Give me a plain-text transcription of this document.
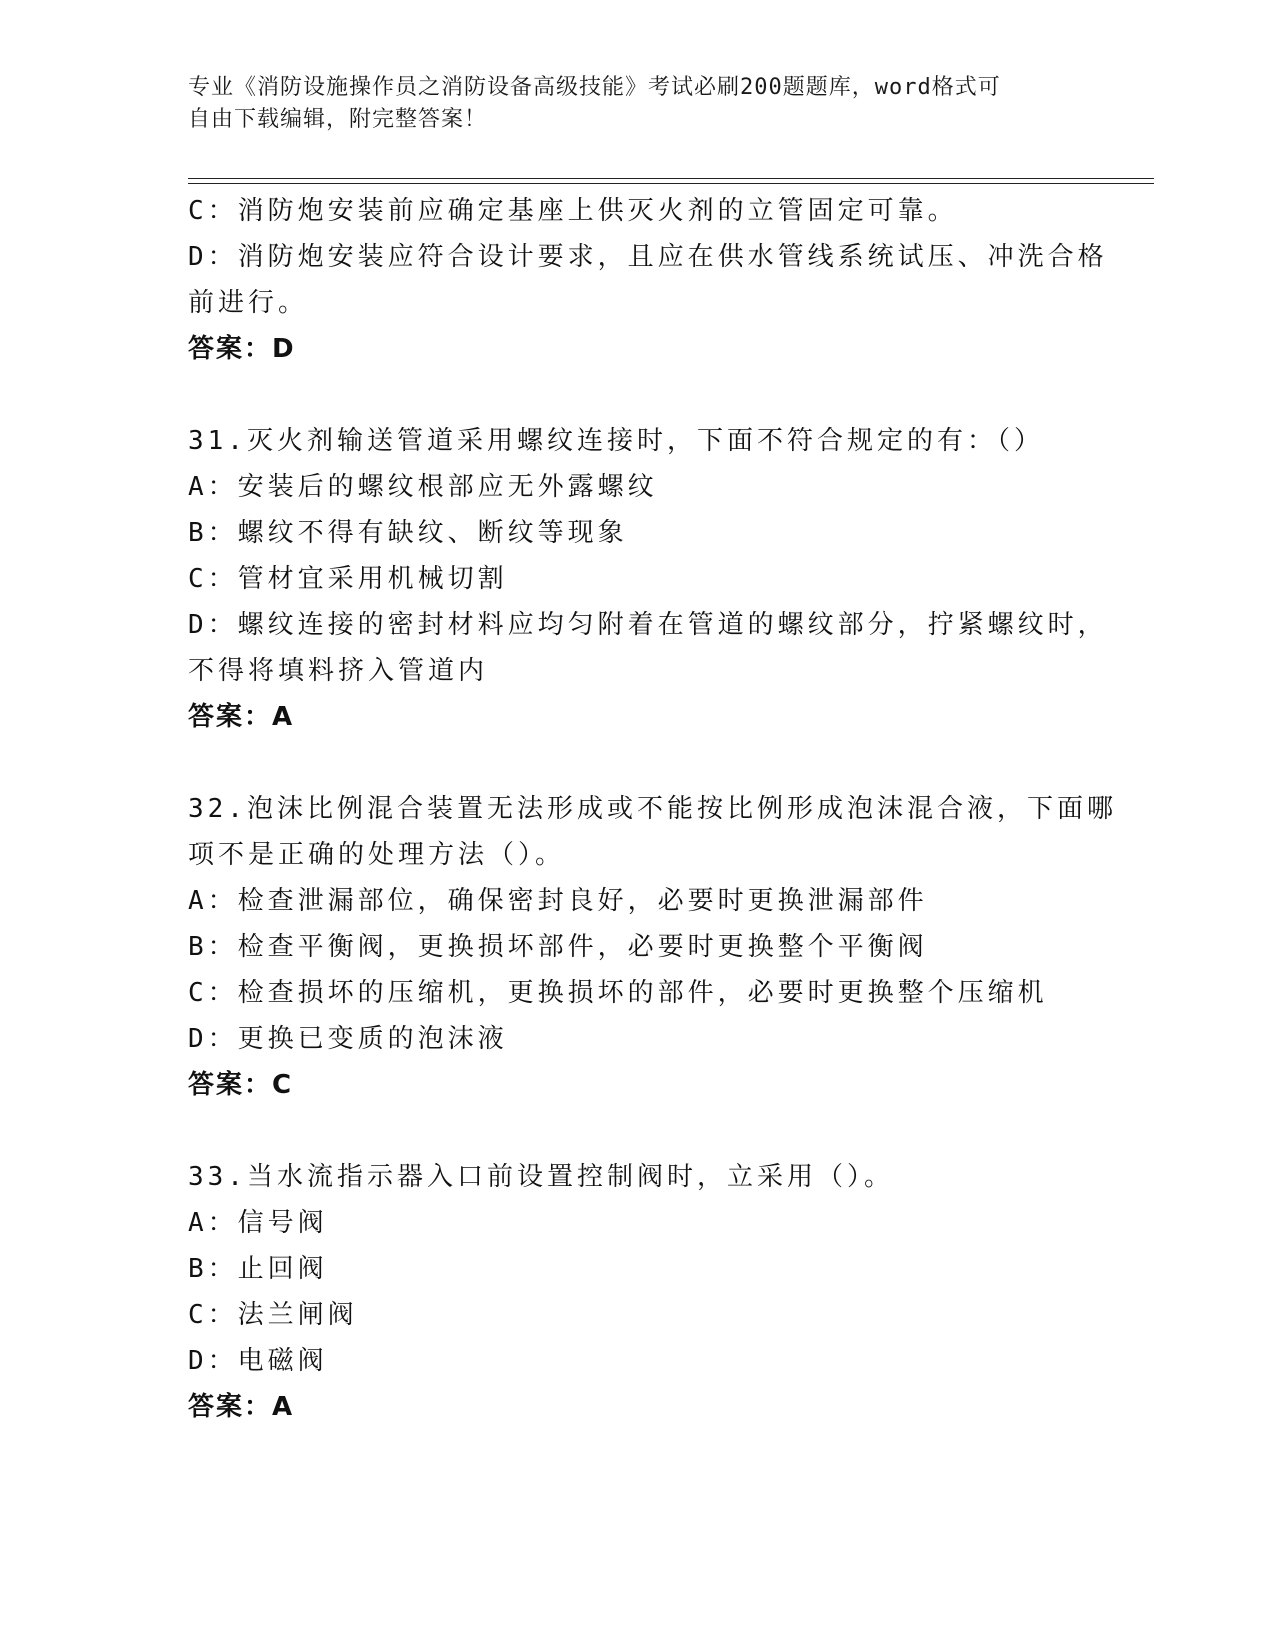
专业《消防设施操作员之消防设备高级技能》考试必刷200题题库，word格式可
自由下载编辑，附完整答案！
C：消防炮安装前应确定基座上供灭火剂的立管固定可靠。
D：消防炮安装应符合设计要求，且应在供水管线系统试压、冲洗合格
前进行。
答案：D
31.灭火剂输送管道采用螺纹连接时，下面不符合规定的有：（）
A：安装后的螺纹根部应无外露螺纹
B：螺纹不得有缺纹、断纹等现象
C：管材宜采用机械切割
D：螺纹连接的密封材料应均匀附着在管道的螺纹部分，拧紧螺纹时，
不得将填料挤入管道内
答案：A
32.泡沫比例混合装置无法形成或不能按比例形成泡沫混合液，下面哪
项不是正确的处理方法（）。
A：检查泄漏部位，确保密封良好，必要时更换泄漏部件
B：检查平衡阀，更换损坏部件，必要时更换整个平衡阀
C：检查损坏的压缩机，更换损坏的部件，必要时更换整个压缩机
D：更换已变质的泡沫液
答案：C
33.当水流指示器入口前设置控制阀时，立采用（）。
A：信号阀
B：止回阀
C：法兰闸阀
D：电磁阀
答案：A
